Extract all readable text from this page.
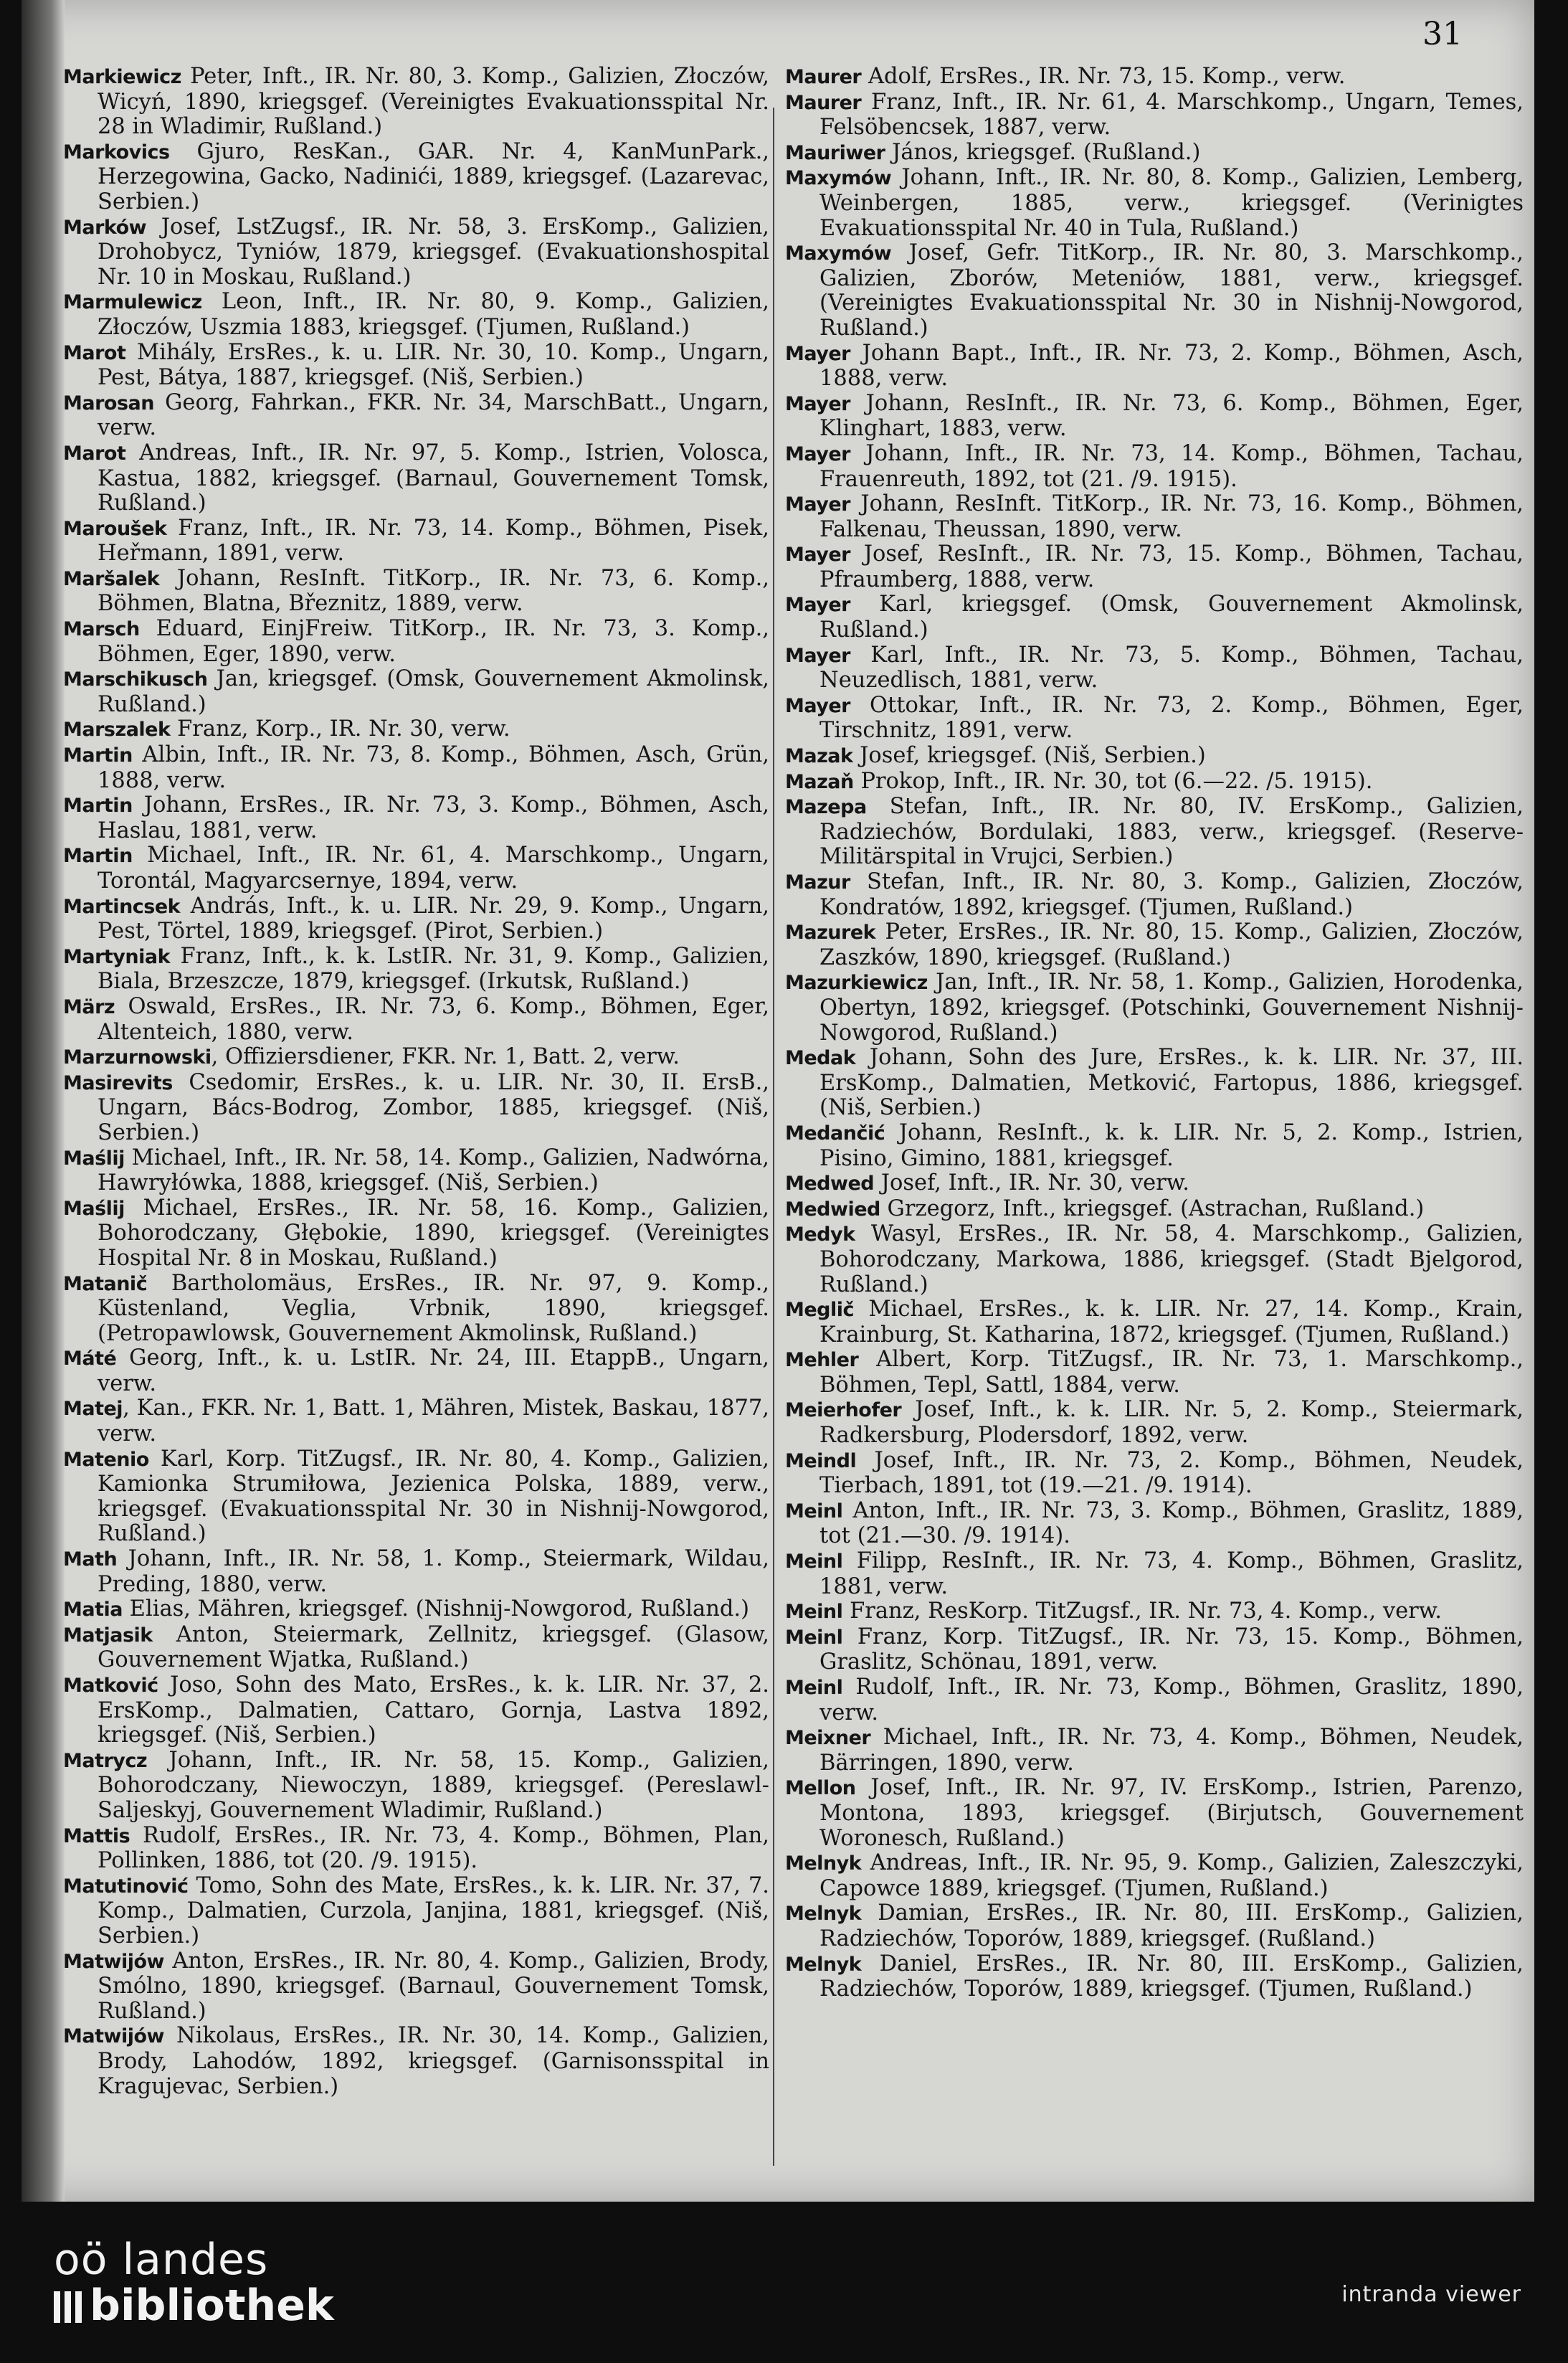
31
Markiewicz Peter, Inft., IR. Nr. 80, 3. Komp., Galizien, Złoczów, Wicyń, 1890, kriegsgef. (Vereinigtes Evakuationsspital Nr. 28 in Wladimir, Rußland.)
Markovics Gjuro, ResKan., GAR. Nr. 4, KanMunPark., Herzegowina, Gacko, Nadinići, 1889, kriegsgef. (Lazarevac, Serbien.)
Marków Josef, LstZugsf., IR. Nr. 58, 3. ErsKomp., Galizien, Drohobycz, Tyniów, 1879, kriegsgef. (Evakuationshospital Nr. 10 in Moskau, Rußland.)
Marmulewicz Leon, Inft., IR. Nr. 80, 9. Komp., Galizien, Złoczów, Uszmia 1883, kriegsgef. (Tjumen, Rußland.)
Marot Mihály, ErsRes., k. u. LIR. Nr. 30, 10. Komp., Ungarn, Pest, Bátya, 1887, kriegsgef. (Niš, Serbien.)
Marosan Georg, Fahrkan., FKR. Nr. 34, MarschBatt., Ungarn, verw.
Marot Andreas, Inft., IR. Nr. 97, 5. Komp., Istrien, Volosca, Kastua, 1882, kriegsgef. (Barnaul, Gouvernement Tomsk, Rußland.)
Maroušek Franz, Inft., IR. Nr. 73, 14. Komp., Böhmen, Pisek, Heřmann, 1891, verw.
Maršalek Johann, ResInft. TitKorp., IR. Nr. 73, 6. Komp., Böhmen, Blatna, Březnitz, 1889, verw.
Marsch Eduard, EinjFreiw. TitKorp., IR. Nr. 73, 3. Komp., Böhmen, Eger, 1890, verw.
Marschikusch Jan, kriegsgef. (Omsk, Gouvernement Akmolinsk, Rußland.)
Marszalek Franz, Korp., IR. Nr. 30, verw.
Martin Albin, Inft., IR. Nr. 73, 8. Komp., Böhmen, Asch, Grün, 1888, verw.
Martin Johann, ErsRes., IR. Nr. 73, 3. Komp., Böhmen, Asch, Haslau, 1881, verw.
Martin Michael, Inft., IR. Nr. 61, 4. Marschkomp., Ungarn, Torontál, Magyarcsernye, 1894, verw.
Martincsek András, Inft., k. u. LIR. Nr. 29, 9. Komp., Ungarn, Pest, Törtel, 1889, kriegsgef. (Pirot, Serbien.)
Martyniak Franz, Inft., k. k. LstIR. Nr. 31, 9. Komp., Galizien, Biala, Brzeszcze, 1879, kriegsgef. (Irkutsk, Rußland.)
März Oswald, ErsRes., IR. Nr. 73, 6. Komp., Böhmen, Eger, Altenteich, 1880, verw.
Marzurnowski, Offiziersdiener, FKR. Nr. 1, Batt. 2, verw.
Masirevits Csedomir, ErsRes., k. u. LIR. Nr. 30, II. ErsB., Ungarn, Bács-Bodrog, Zombor, 1885, kriegsgef. (Niš, Serbien.)
Maślij Michael, Inft., IR. Nr. 58, 14. Komp., Galizien, Nadwórna, Hawryłówka, 1888, kriegsgef. (Niš, Serbien.)
Maślij Michael, ErsRes., IR. Nr. 58, 16. Komp., Galizien, Bohorodczany, Głębokie, 1890, kriegsgef. (Vereinigtes Hospital Nr. 8 in Moskau, Rußland.)
Matanič Bartholomäus, ErsRes., IR. Nr. 97, 9. Komp., Küstenland, Veglia, Vrbnik, 1890, kriegsgef. (Petropawlowsk, Gouvernement Akmolinsk, Rußland.)
Máté Georg, Inft., k. u. LstIR. Nr. 24, III. EtappB., Ungarn, verw.
Matej, Kan., FKR. Nr. 1, Batt. 1, Mähren, Mistek, Baskau, 1877, verw.
Matenio Karl, Korp. TitZugsf., IR. Nr. 80, 4. Komp., Galizien, Kamionka Strumiłowa, Jezienica Polska, 1889, verw., kriegsgef. (Evakuationsspital Nr. 30 in Nishnij-Nowgorod, Rußland.)
Math Johann, Inft., IR. Nr. 58, 1. Komp., Steiermark, Wildau, Preding, 1880, verw.
Matia Elias, Mähren, kriegsgef. (Nishnij-Nowgorod, Rußland.)
Matjasik Anton, Steiermark, Zellnitz, kriegsgef. (Glasow, Gouvernement Wjatka, Rußland.)
Matković Joso, Sohn des Mato, ErsRes., k. k. LIR. Nr. 37, 2. ErsKomp., Dalmatien, Cattaro, Gornja, Lastva 1892, kriegsgef. (Niš, Serbien.)
Matrycz Johann, Inft., IR. Nr. 58, 15. Komp., Galizien, Bohorodczany, Niewoczyn, 1889, kriegsgef. (Pereslawl-Saljeskyj, Gouvernement Wladimir, Rußland.)
Mattis Rudolf, ErsRes., IR. Nr. 73, 4. Komp., Böhmen, Plan, Pollinken, 1886, tot (20. /9. 1915).
Matutinović Tomo, Sohn des Mate, ErsRes., k. k. LIR. Nr. 37, 7. Komp., Dalmatien, Curzola, Janjina, 1881, kriegsgef. (Niš, Serbien.)
Matwijów Anton, ErsRes., IR. Nr. 80, 4. Komp., Galizien, Brody, Smólno, 1890, kriegsgef. (Barnaul, Gouvernement Tomsk, Rußland.)
Matwijów Nikolaus, ErsRes., IR. Nr. 30, 14. Komp., Galizien, Brody, Lahodów, 1892, kriegsgef. (Garnisonsspital in Kragujevac, Serbien.)
Maurer Adolf, ErsRes., IR. Nr. 73, 15. Komp., verw.
Maurer Franz, Inft., IR. Nr. 61, 4. Marschkomp., Ungarn, Temes, Felsöbencsek, 1887, verw.
Mauriwer János, kriegsgef. (Rußland.)
Maxymów Johann, Inft., IR. Nr. 80, 8. Komp., Galizien, Lemberg, Weinbergen, 1885, verw., kriegsgef. (Verinigtes Evakuationsspital Nr. 40 in Tula, Rußland.)
Maxymów Josef, Gefr. TitKorp., IR. Nr. 80, 3. Marschkomp., Galizien, Zborów, Meteniów, 1881, verw., kriegsgef. (Vereinigtes Evakuationsspital Nr. 30 in Nishnij-Nowgorod, Rußland.)
Mayer Johann Bapt., Inft., IR. Nr. 73, 2. Komp., Böhmen, Asch, 1888, verw.
Mayer Johann, ResInft., IR. Nr. 73, 6. Komp., Böhmen, Eger, Klinghart, 1883, verw.
Mayer Johann, Inft., IR. Nr. 73, 14. Komp., Böhmen, Tachau, Frauenreuth, 1892, tot (21. /9. 1915).
Mayer Johann, ResInft. TitKorp., IR. Nr. 73, 16. Komp., Böhmen, Falkenau, Theussan, 1890, verw.
Mayer Josef, ResInft., IR. Nr. 73, 15. Komp., Böhmen, Tachau, Pfraumberg, 1888, verw.
Mayer Karl, kriegsgef. (Omsk, Gouvernement Akmolinsk, Rußland.)
Mayer Karl, Inft., IR. Nr. 73, 5. Komp., Böhmen, Tachau, Neuzedlisch, 1881, verw.
Mayer Ottokar, Inft., IR. Nr. 73, 2. Komp., Böhmen, Eger, Tirschnitz, 1891, verw.
Mazak Josef, kriegsgef. (Niš, Serbien.)
Mazaň Prokop, Inft., IR. Nr. 30, tot (6.—22. /5. 1915).
Mazepa Stefan, Inft., IR. Nr. 80, IV. ErsKomp., Galizien, Radziechów, Bordulaki, 1883, verw., kriegsgef. (Reserve-Militärspital in Vrujci, Serbien.)
Mazur Stefan, Inft., IR. Nr. 80, 3. Komp., Galizien, Złoczów, Kondratów, 1892, kriegsgef. (Tjumen, Rußland.)
Mazurek Peter, ErsRes., IR. Nr. 80, 15. Komp., Galizien, Złoczów, Zaszków, 1890, kriegsgef. (Rußland.)
Mazurkiewicz Jan, Inft., IR. Nr. 58, 1. Komp., Galizien, Horodenka, Obertyn, 1892, kriegsgef. (Potschinki, Gouvernement Nishnij-Nowgorod, Rußland.)
Medak Johann, Sohn des Jure, ErsRes., k. k. LIR. Nr. 37, III. ErsKomp., Dalmatien, Metković, Fartopus, 1886, kriegsgef. (Niš, Serbien.)
Medančić Johann, ResInft., k. k. LIR. Nr. 5, 2. Komp., Istrien, Pisino, Gimino, 1881, kriegsgef.
Medwed Josef, Inft., IR. Nr. 30, verw.
Medwied Grzegorz, Inft., kriegsgef. (Astrachan, Rußland.)
Medyk Wasyl, ErsRes., IR. Nr. 58, 4. Marschkomp., Galizien, Bohorodczany, Markowa, 1886, kriegsgef. (Stadt Bjelgorod, Rußland.)
Meglič Michael, ErsRes., k. k. LIR. Nr. 27, 14. Komp., Krain, Krainburg, St. Katharina, 1872, kriegsgef. (Tjumen, Rußland.)
Mehler Albert, Korp. TitZugsf., IR. Nr. 73, 1. Marschkomp., Böhmen, Tepl, Sattl, 1884, verw.
Meierhofer Josef, Inft., k. k. LIR. Nr. 5, 2. Komp., Steiermark, Radkersburg, Plodersdorf, 1892, verw.
Meindl Josef, Inft., IR. Nr. 73, 2. Komp., Böhmen, Neudek, Tierbach, 1891, tot (19.—21. /9. 1914).
Meinl Anton, Inft., IR. Nr. 73, 3. Komp., Böhmen, Graslitz, 1889, tot (21.—30. /9. 1914).
Meinl Filipp, ResInft., IR. Nr. 73, 4. Komp., Böhmen, Graslitz, 1881, verw.
Meinl Franz, ResKorp. TitZugsf., IR. Nr. 73, 4. Komp., verw.
Meinl Franz, Korp. TitZugsf., IR. Nr. 73, 15. Komp., Böhmen, Graslitz, Schönau, 1891, verw.
Meinl Rudolf, Inft., IR. Nr. 73, Komp., Böhmen, Graslitz, 1890, verw.
Meixner Michael, Inft., IR. Nr. 73, 4. Komp., Böhmen, Neudek, Bärringen, 1890, verw.
Mellon Josef, Inft., IR. Nr. 97, IV. ErsKomp., Istrien, Parenzo, Montona, 1893, kriegsgef. (Birjutsch, Gouvernement Woronesch, Rußland.)
Melnyk Andreas, Inft., IR. Nr. 95, 9. Komp., Galizien, Zaleszczyki, Capowce 1889, kriegsgef. (Tjumen, Rußland.)
Melnyk Damian, ErsRes., IR. Nr. 80, III. ErsKomp., Galizien, Radziechów, Toporów, 1889, kriegsgef. (Rußland.)
Melnyk Daniel, ErsRes., IR. Nr. 80, III. ErsKomp., Galizien, Radziechów, Toporów, 1889, kriegsgef. (Tjumen, Rußland.)
oö landes
bibliothek	intranda viewer
